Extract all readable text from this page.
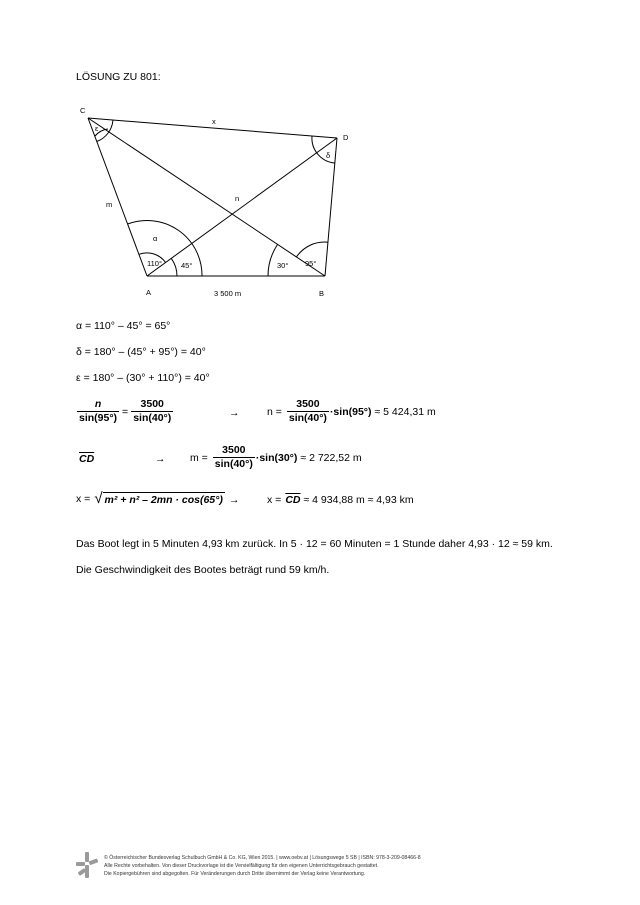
LÖSUNG ZU 801:
C
D
A	B
x
m
n
ε
δ
α
110°	45°	30° 95°
3 500 m
α = 110° – 45° = 65°
δ = 180° – (45° + 95°) = 40°
ε = 180° – (30° + 110°) = 40°
$\frac{n}{\sin(95^\circ)} = \frac{3500}{\sin(40^\circ)}$	→	$n = \frac{3500}{\sin(40^\circ)} \cdot\sin(95^\circ) \approx 5$ 424,31 m
$\overline{CD}$	→ $m = \frac{3500}{\sin(40^\circ)} \cdot\sin(30^\circ) \approx 2$ 722,52 m
x = √ m² + n² – 2mn · cos(65°) →	$x = \overline{CD} \approx 4$ 934,88 m ≈ 4,93 km
Das Boot legt in 5 Minuten 4,93 km zurück. In 5 · 12 = 60 Minuten = 1 Stunde daher 4,93 · 12 ≈ 59 km.
Die Geschwindigkeit des Bootes beträgt rund 59 km/h.
© Österreichischer Bundesverlag Schulbuch GmbH & Co. KG, Wien 2015. | www.oebv.at | Lösungswege 5 SB | ISBN: 978-3-209-08466-8
Alle Rechte vorbehalten. Von dieser Druckvorlage ist die Vervielfältigung für den eigenen Unterrichtsgebrauch gestattet.
Die Kopiergebühren sind abgegolten. Für Veränderungen durch Dritte übernimmt der Verlag keine Verantwortung.
